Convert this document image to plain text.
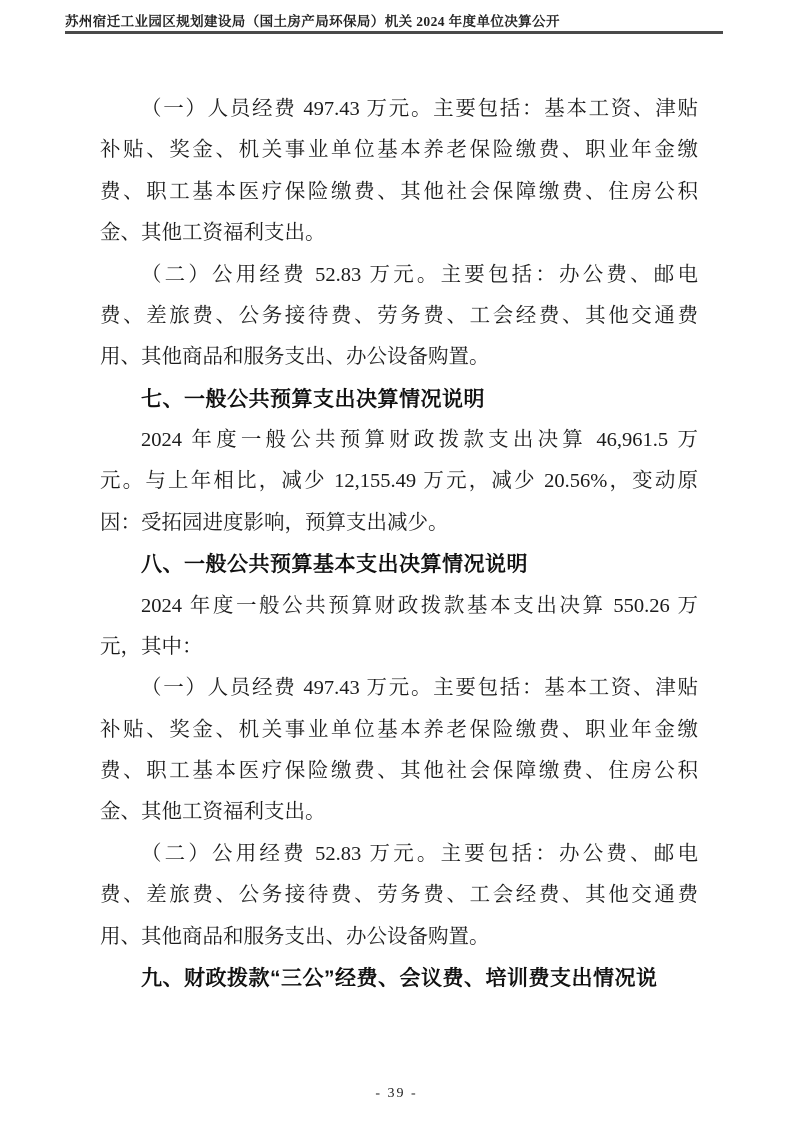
苏州宿迁工业园区规划建设局（国土房产局环保局）机关 2024 年度单位决算公开

（一）人员经费 497.43 万元。主要包括：基本工资、津贴
补贴、奖金、机关事业单位基本养老保险缴费、职业年金缴
费、职工基本医疗保险缴费、其他社会保障缴费、住房公积
金、其他工资福利支出。

（二）公用经费 52.83 万元。主要包括：办公费、邮电
费、差旅费、公务接待费、劳务费、工会经费、其他交通费
用、其他商品和服务支出、办公设备购置。

七、一般公共预算支出决算情况说明

2024 年度一般公共预算财政拨款支出决算 46,961.5 万
元。与上年相比，减少 12,155.49 万元，减少 20.56%，变动原
因：受拓园进度影响，预算支出减少。

八、一般公共预算基本支出决算情况说明

2024 年度一般公共预算财政拨款基本支出决算 550.26 万
元，其中：

（一）人员经费 497.43 万元。主要包括：基本工资、津贴
补贴、奖金、机关事业单位基本养老保险缴费、职业年金缴
费、职工基本医疗保险缴费、其他社会保障缴费、住房公积
金、其他工资福利支出。

（二）公用经费 52.83 万元。主要包括：办公费、邮电
费、差旅费、公务接待费、劳务费、工会经费、其他交通费
用、其他商品和服务支出、办公设备购置。

九、财政拨款“三公”经费、会议费、培训费支出情况说
- 39 -
